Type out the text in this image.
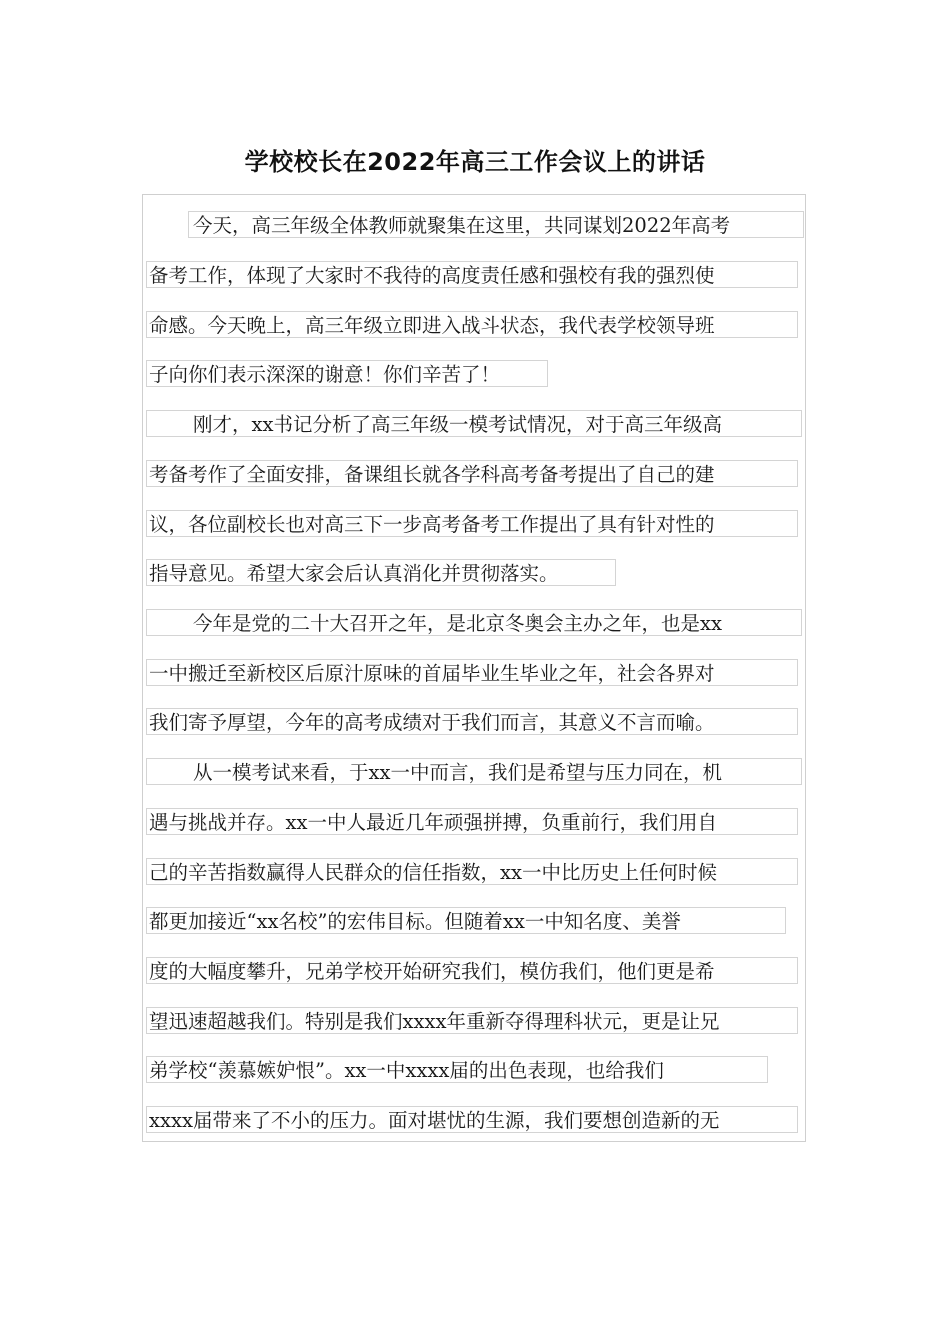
学校校长在2022年高三工作会议上的讲话
今天，高三年级全体教师就聚集在这里，共同谋划2022年高考
备考工作，体现了大家时不我待的高度责任感和强校有我的强烈使
命感。今天晚上，高三年级立即进入战斗状态，我代表学校领导班
子向你们表示深深的谢意！你们辛苦了！
刚才，xx书记分析了高三年级一模考试情况，对于高三年级高
考备考作了全面安排，备课组长就各学科高考备考提出了自己的建
议，各位副校长也对高三下一步高考备考工作提出了具有针对性的
指导意见。希望大家会后认真消化并贯彻落实。
今年是党的二十大召开之年，是北京冬奥会主办之年，也是xx
一中搬迁至新校区后原汁原味的首届毕业生毕业之年，社会各界对
我们寄予厚望，今年的高考成绩对于我们而言，其意义不言而喻。
从一模考试来看，于xx一中而言，我们是希望与压力同在，机
遇与挑战并存。xx一中人最近几年顽强拼搏，负重前行，我们用自
己的辛苦指数赢得人民群众的信任指数，xx一中比历史上任何时候
都更加接近“xx名校”的宏伟目标。但随着xx一中知名度、美誉
度的大幅度攀升，兄弟学校开始研究我们，模仿我们，他们更是希
望迅速超越我们。特别是我们xxxx年重新夺得理科状元，更是让兄
弟学校“羡慕嫉妒恨”。xx一中xxxx届的出色表现，也给我们
xxxx届带来了不小的压力。面对堪忧的生源，我们要想创造新的无
